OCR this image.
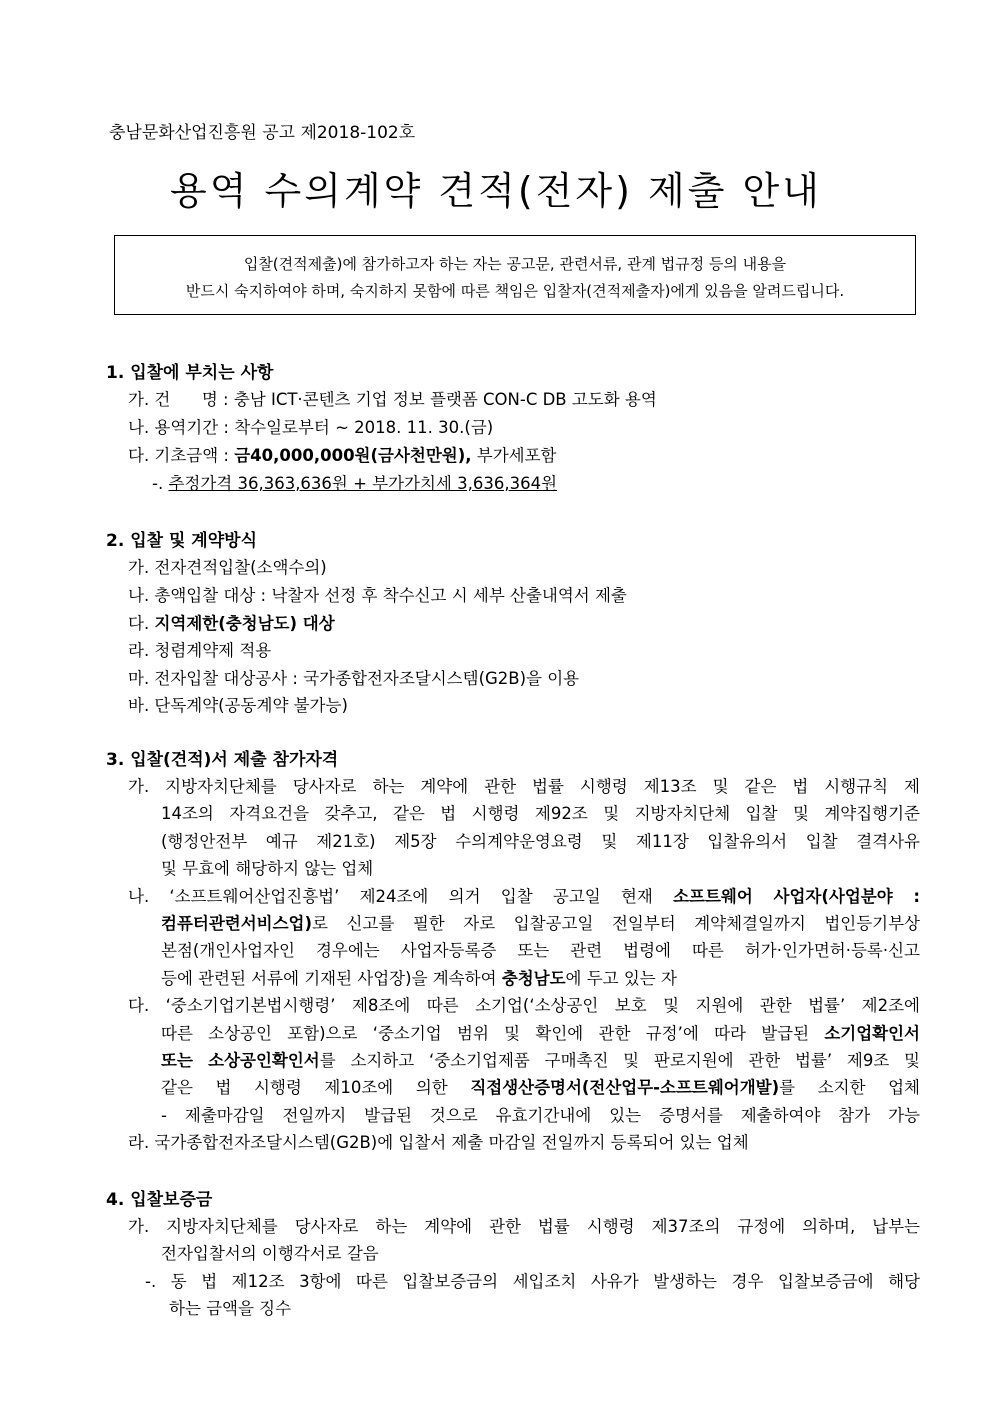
충남문화산업진흥원 공고 제2018-102호
용역 수의계약 견적(전자) 제출 안내
입찰(견적제출)에 참가하고자 하는 자는 공고문, 관련서류, 관계 법규정 등의 내용을
반드시 숙지하여야 하며, 숙지하지 못함에 따른 책임은 입찰자(견적제출자)에게 있음을 알려드립니다.
1. 입찰에 부치는 사항
가. 건      명 : 충남 ICT·콘텐츠 기업 정보 플랫폼 CON-C DB 고도화 용역
나. 용역기간 : 착수일로부터 ~ 2018. 11. 30.(금)
다. 기초금액 : 금40,000,000원(금사천만원), 부가세포함
-. 추정가격 36,363,636원 + 부가가치세 3,636,364원
2. 입찰 및 계약방식
가. 전자견적입찰(소액수의)
나. 총액입찰 대상 : 낙찰자 선정 후 착수신고 시 세부 산출내역서 제출
다. 지역제한(충청남도) 대상
라. 청렴계약제 적용
마. 전자입찰 대상공사 : 국가종합전자조달시스템(G2B)을 이용
바. 단독계약(공동계약 불가능)
3. 입찰(견적)서 제출 참가자격
가. 지방자치단체를 당사자로 하는 계약에 관한 법률 시행령 제13조 및 같은 법 시행규칙 제
14조의 자격요건을 갖추고, 같은 법 시행령 제92조 및 지방자치단체 입찰 및 계약집행기준
(행정안전부 예규 제21호) 제5장 수의계약운영요령 및 제11장 입찰유의서 입찰 결격사유
및 무효에 해당하지 않는 업체
나. ‘소프트웨어산업진흥법’ 제24조에 의거 입찰 공고일 현재 소프트웨어 사업자(사업분야 :
컴퓨터관련서비스업)로 신고를 필한 자로 입찰공고일 전일부터 계약체결일까지 법인등기부상
본점(개인사업자인 경우에는 사업자등록증 또는 관련 법령에 따른 허가·인가면허·등록·신고
등에 관련된 서류에 기재된 사업장)을 계속하여 충청남도에 두고 있는 자
다. ‘중소기업기본법시행령’ 제8조에 따른 소기업(‘소상공인 보호 및 지원에 관한 법률’ 제2조에
따른 소상공인 포함)으로 ‘중소기업 범위 및 확인에 관한 규정’에 따라 발급된 소기업확인서
또는 소상공인확인서를 소지하고 ‘중소기업제품 구매촉진 및 판로지원에 관한 법률’ 제9조 및
같은 법 시행령 제10조에 의한 직접생산증명서(전산업무-소프트웨어개발)를 소지한 업체
- 제출마감일 전일까지 발급된 것으로 유효기간내에 있는 증명서를 제출하여야 참가 가능
라. 국가종합전자조달시스템(G2B)에 입찰서 제출 마감일 전일까지 등록되어 있는 업체
4. 입찰보증금
가. 지방자치단체를 당사자로 하는 계약에 관한 법률 시행령 제37조의 규정에 의하며, 납부는
전자입찰서의 이행각서로 갈음
-. 동 법 제12조 3항에 따른 입찰보증금의 세입조치 사유가 발생하는 경우 입찰보증금에 해당
하는 금액을 징수
